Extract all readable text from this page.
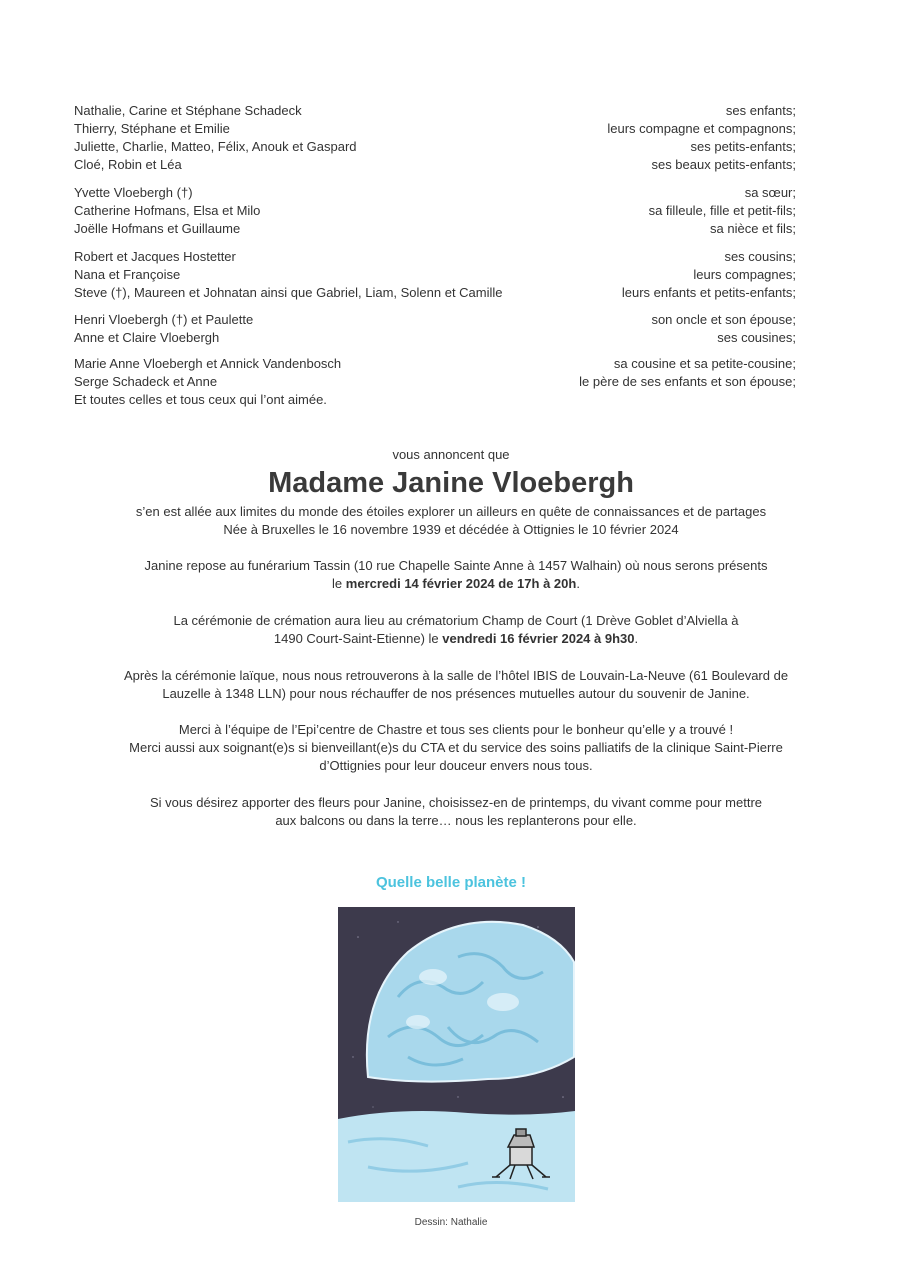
Nathalie, Carine et Stéphane Schadeck	ses enfants;
Thierry, Stéphane et Emilie	leurs compagne et compagnons;
Juliette, Charlie, Matteo, Félix, Anouk et Gaspard	ses petits-enfants;
Cloé, Robin et Léa	ses beaux petits-enfants;
Yvette Vloebergh (†)	sa sœur;
Catherine Hofmans, Elsa et Milo	sa filleule, fille et petit-fils;
Joëlle Hofmans et Guillaume	sa nièce et fils;
Robert et Jacques Hostetter	ses cousins;
Nana et Françoise	leurs compagnes;
Steve (†), Maureen et Johnatan ainsi que Gabriel, Liam, Solenn et Camille	leurs enfants et petits-enfants;
Henri Vloebergh (†) et Paulette	son oncle et son épouse;
Anne et Claire Vloebergh	ses cousines;
Marie Anne Vloebergh et Annick Vandenbosch	sa cousine et sa petite-cousine;
Serge Schadeck et Anne	le père de ses enfants et son épouse;
Et toutes celles et tous ceux qui l’ont aimée.
vous annoncent que
Madame Janine Vloebergh
s’en est allée aux limites du monde des étoiles explorer un ailleurs en quête de connaissances et de partages
Née à Bruxelles le 16 novembre 1939 et décédée à Ottignies le 10 février 2024
Janine repose au funérarium Tassin (10 rue Chapelle Sainte Anne à 1457 Walhain) où nous serons présents
le mercredi 14 février 2024 de 17h à 20h.
La cérémonie de crémation aura lieu au crématorium Champ de Court (1 Drève Goblet d’Alviella à
1490 Court-Saint-Etienne) le vendredi 16 février 2024 à 9h30.
Après la cérémonie laïque, nous nous retrouverons à la salle de l’hôtel IBIS de Louvain-La-Neuve (61 Boulevard de
Lauzelle à 1348 LLN) pour nous réchauffer de nos présences mutuelles autour du souvenir de Janine.
Merci à l’équipe de l’Epi’centre de Chastre et tous ses clients pour le bonheur qu’elle y a trouvé !
Merci aussi aux soignant(e)s si bienveillant(e)s du CTA et du service des soins palliatifs de la clinique Saint-Pierre
d’Ottignies pour leur douceur envers nous tous.
Si vous désirez apporter des fleurs pour Janine, choisissez-en de printemps, du vivant comme pour mettre
aux balcons ou dans la terre… nous les replanterons pour elle.
Quelle belle planète !
Dessin: Nathalie
